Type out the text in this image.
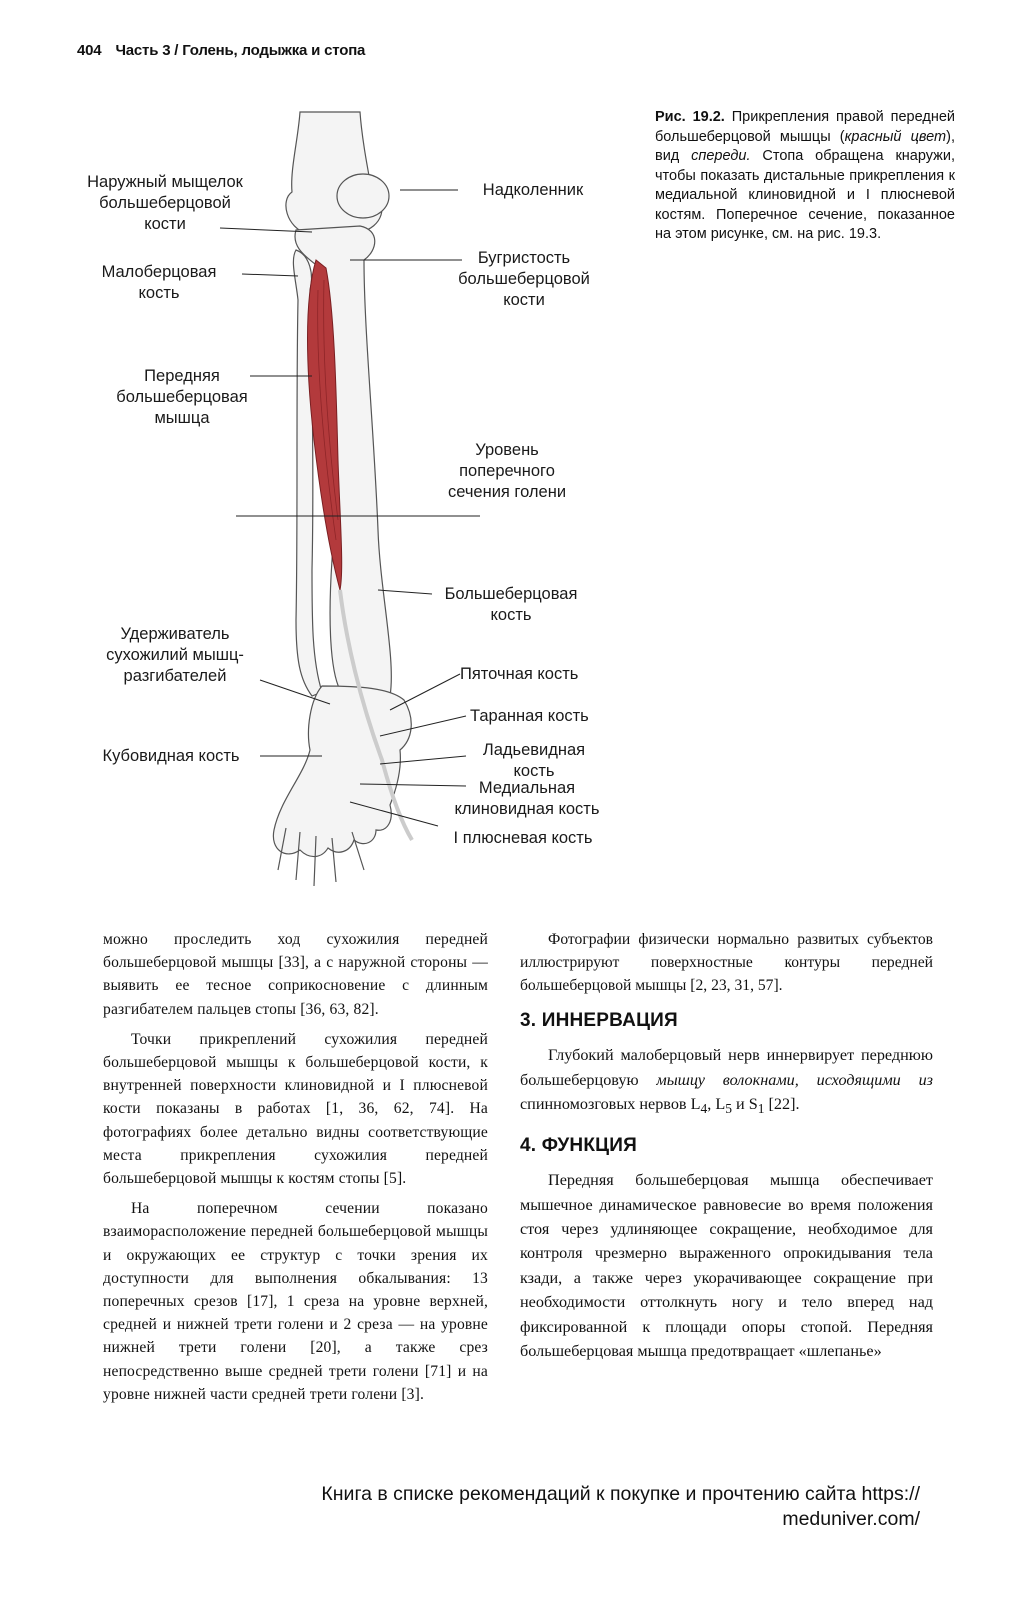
404 Часть 3 / Голень, лодыжка и стопа
Наружный мыщелок
большеберцовой
кости
Надколенник
Малоберцовая
кость
Бугристость
большеберцовой
кости
Передняя
большеберцовая
мышца
Уровень
поперечного
сечения голени
Большеберцовая
кость
Удерживатель
сухожилий мышц-
разгибателей	Пяточная кость
Таранная кость
Кубовидная кость	Ладьевидная
кость
Медиальная
клиновидная кость
I плюсневая кость
Рис. 19.2. Прикрепления правой передней большеберцовой мышцы (красный цвет), вид спереди. Стопа обращена кнаружи, чтобы показать дистальные прикрепления к медиальной клиновидной и I плюсневой костям. Поперечное сечение, показанное на этом рисунке, см. на рис. 19.3.

можно проследить ход сухожилия передней большеберцовой мышцы [33], а с наружной стороны — выявить ее тесное соприкосновение с длинным разгибателем пальцев стопы [36, 63, 82].

Точки прикреплений сухожилия передней большеберцовой мышцы к большеберцовой кости, к внутренней поверхности клиновидной и I плюсневой кости показаны в работах [1, 36, 62, 74]. На фотографиях более детально видны соответствующие места прикрепления сухожилия передней большеберцовой мышцы к костям стопы [5].

На поперечном сечении показано взаиморасположение передней большеберцовой мышцы и окружающих ее структур с точки зрения их доступности для выполнения обкалывания: 13 поперечных срезов [17], 1 среза на уровне верхней, средней и нижней трети голени и 2 среза — на уровне нижней трети голени [20], а также срез непосредственно выше средней трети голени [71] и на уровне нижней части средней трети голени [3].

Фотографии физически нормально развитых субъектов иллюстрируют поверхностные контуры передней большеберцовой мышцы [2, 23, 31, 57].

3. ИННЕРВАЦИЯ

Глубокий малоберцовый нерв иннервирует переднюю большеберцовую мышцу волокнами, исходящими из спинномозговых нервов $L_4$, $L_5$ и $S_1$ [22].

4. ФУНКЦИЯ

Передняя большеберцовая мышца обеспечивает мышечное динамическое равновесие во время положения стоя через удлиняющее сокращение, необходимое для контроля чрезмерно выраженного опрокидывания тела кзади, а также через укорачивающее сокращение при необходимости оттолкнуть ногу и тело вперед над фиксированной к площади опоры стопой. Передняя большеберцовая мышца предотвращает «шлепанье»

Книга в списке рекомендаций к покупке и прочтению сайта https://
meduniver.com/
